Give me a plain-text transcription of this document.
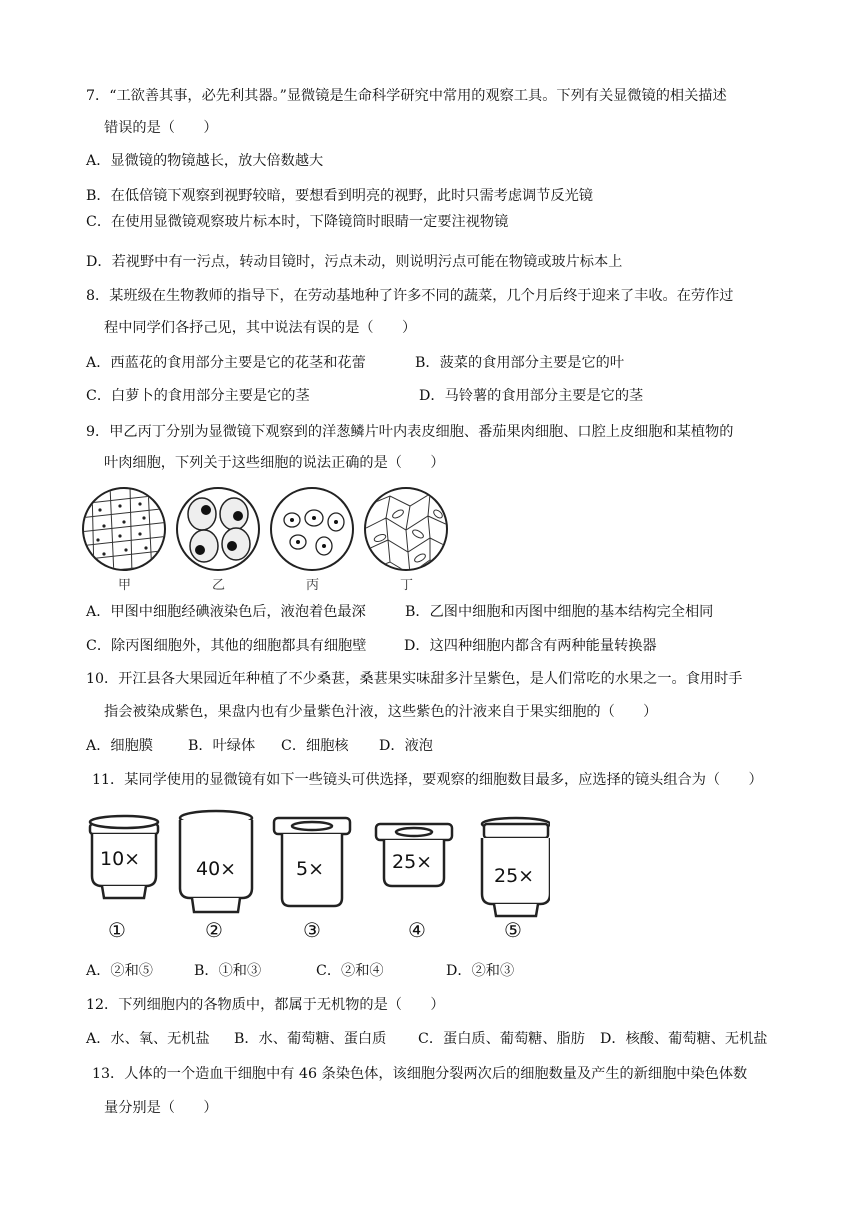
7．“工欲善其事，必先利其器。”显微镜是生命科学研究中常用的观察工具。下列有关显微镜的相关描述
错误的是（　　）
A．显微镜的物镜越长，放大倍数越大
B．在低倍镜下观察到视野较暗，要想看到明亮的视野，此时只需考虑调节反光镜
C．在使用显微镜观察玻片标本时，下降镜筒时眼睛一定要注视物镜
D．若视野中有一污点，转动目镜时，污点未动，则说明污点可能在物镜或玻片标本上
8．某班级在生物教师的指导下，在劳动基地种了许多不同的蔬菜，几个月后终于迎来了丰收。在劳作过
程中同学们各抒己见，其中说法有误的是（　　）
A．西蓝花的食用部分主要是它的花茎和花蕾	B．菠菜的食用部分主要是它的叶
C．白萝卜的食用部分主要是它的茎	D．马铃薯的食用部分主要是它的茎
9．甲乙丙丁分别为显微镜下观察到的洋葱鳞片叶内表皮细胞、番茄果肉细胞、口腔上皮细胞和某植物的
叶肉细胞，下列关于这些细胞的说法正确的是（　　）
甲	乙	丙	丁
A．甲图中细胞经碘液染色后，液泡着色最深	B．乙图中细胞和丙图中细胞的基本结构完全相同
C．除丙图细胞外，其他的细胞都具有细胞壁	D．这四种细胞内都含有两种能量转换器
10．开江县各大果园近年种植了不少桑葚，桑葚果实味甜多汁呈紫色，是人们常吃的水果之一。食用时手
指会被染成紫色，果盘内也有少量紫色汁液，这些紫色的汁液来自于果实细胞的（　　）
A．细胞膜 B．叶绿体 C．细胞核 D．液泡
11．某同学使用的显微镜有如下一些镜头可供选择，要观察的细胞数目最多，应选择的镜头组合为（　　）
10×	40×	5×	25×
25×
①	②	③	④	⑤
A．②和⑤	B．①和③	C．②和④	D．②和③
12．下列细胞内的各物质中，都属于无机物的是（　　）
A．水、氧、无机盐 B．水、葡萄糖、蛋白质 C．蛋白质、葡萄糖、脂肪 D．核酸、葡萄糖、无机盐
13．人体的一个造血干细胞中有 46 条染色体，该细胞分裂两次后的细胞数量及产生的新细胞中染色体数
量分别是（　　）
